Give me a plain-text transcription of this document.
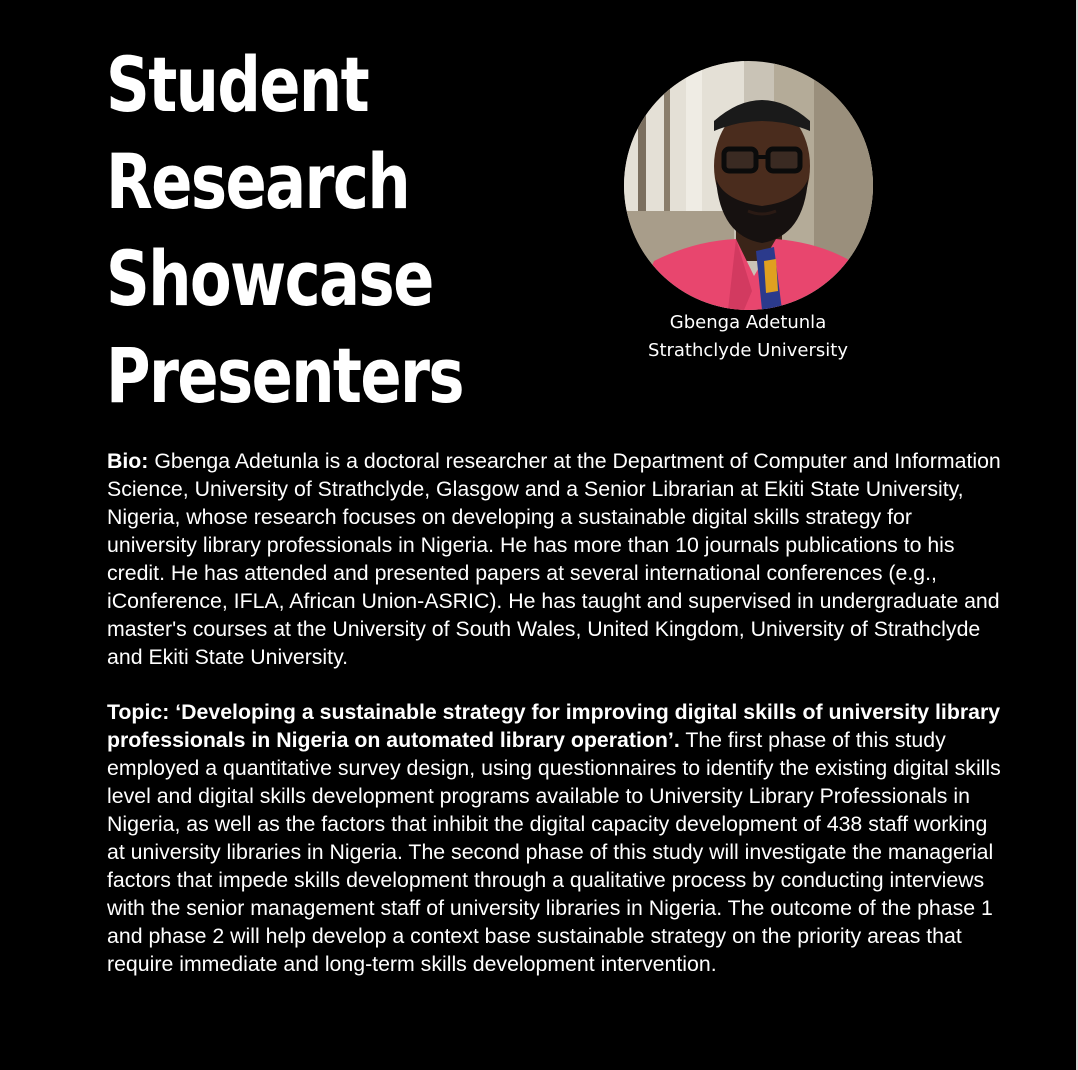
Student
Research
Showcase
Presenters
Gbenga Adetunla
Strathclyde University

Bio: Gbenga Adetunla is a doctoral researcher at the Department of Computer and Information Science, University of Strathclyde, Glasgow and a Senior Librarian at Ekiti State University, Nigeria, whose research focuses on developing a sustainable digital skills strategy for university library professionals in Nigeria. He has more than 10 journals publications to his credit. He has attended and presented papers at several international conferences (e.g., iConference, IFLA, African Union-ASRIC). He has taught and supervised in undergraduate and master's courses at the University of South Wales, United Kingdom, University of Strathclyde and Ekiti State University.

Topic: ‘Developing a sustainable strategy for improving digital skills of university library professionals in Nigeria on automated library operation’. The first phase of this study employed a quantitative survey design, using questionnaires to identify the existing digital skills level and digital skills development programs available to University Library Professionals in Nigeria, as well as the factors that inhibit the digital capacity development of 438 staff working at university libraries in Nigeria. The second phase of this study will investigate the managerial factors that impede skills development through a qualitative process by conducting interviews with the senior management staff of university libraries in Nigeria. The outcome of the phase 1 and phase 2 will help develop a context base sustainable strategy on the priority areas that require immediate and long-term skills development intervention.
